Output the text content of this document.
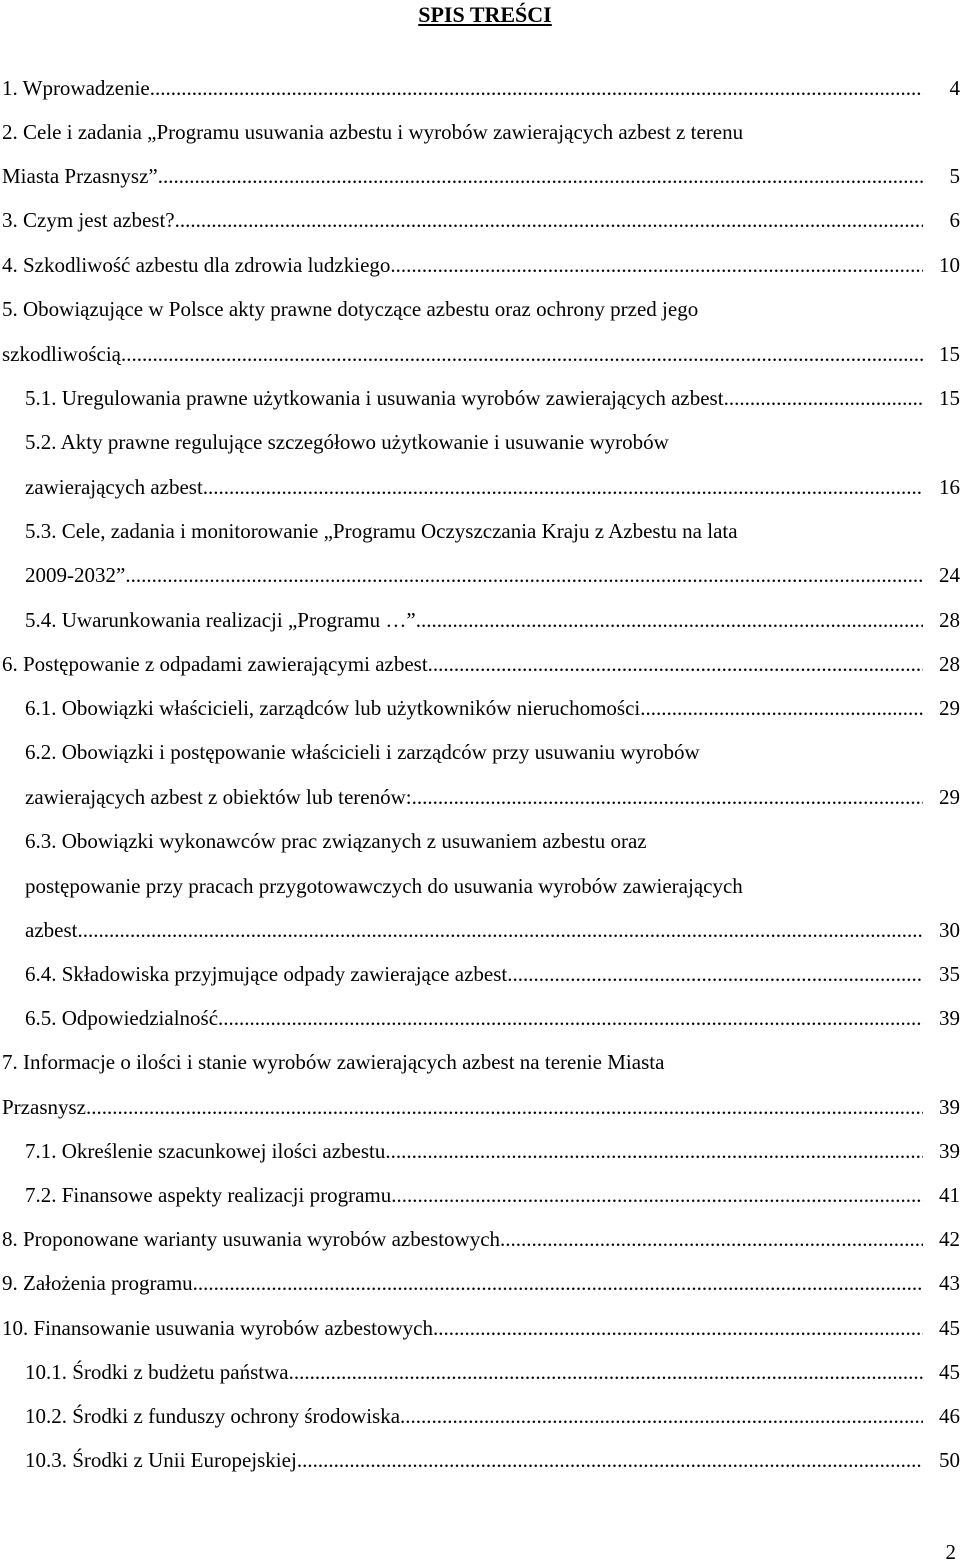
SPIS TREŚCI
1. Wprowadzenie .....	4
2. Cele i zadania „Programu usuwania azbestu i wyrobów zawierających azbest z terenu
Miasta Przasnysz” .....	5
3. Czym jest azbest? .....	6
4. Szkodliwość azbestu dla zdrowia ludzkiego .....	10
5. Obowiązujące w Polsce akty prawne dotyczące azbestu oraz ochrony przed jego
szkodliwością .....	15
5.1. Uregulowania prawne użytkowania i usuwania wyrobów zawierających azbest .....	15
5.2. Akty prawne regulujące szczegółowo użytkowanie i usuwanie wyrobów
zawierających azbest .....	16
5.3. Cele, zadania i monitorowanie „Programu Oczyszczania Kraju z Azbestu na lata
2009-2032” .....	24
5.4. Uwarunkowania realizacji „Programu …” .....	28
6. Postępowanie z odpadami zawierającymi azbest .....	28
6.1. Obowiązki właścicieli, zarządców lub użytkowników nieruchomości .....	29
6.2. Obowiązki i postępowanie właścicieli i zarządców przy usuwaniu wyrobów
zawierających azbest z obiektów lub terenów: .....	29
6.3. Obowiązki wykonawców prac związanych z usuwaniem azbestu oraz
postępowanie przy pracach przygotowawczych do usuwania wyrobów zawierających
azbest .....	30
6.4. Składowiska przyjmujące odpady zawierające azbest .....	35
6.5. Odpowiedzialność .....	39
7. Informacje o ilości i stanie wyrobów zawierających azbest na terenie Miasta
Przasnysz. .....	39
7.1. Określenie szacunkowej ilości azbestu .....	39
7.2. Finansowe aspekty realizacji programu .....	41
8. Proponowane warianty usuwania wyrobów azbestowych .....	42
9. Założenia programu .....	43
10. Finansowanie usuwania wyrobów azbestowych .....	45
10.1. Środki z budżetu państwa .....	45
10.2. Środki z funduszy ochrony środowiska .....	46
10.3. Środki z Unii Europejskiej .....	50
2
